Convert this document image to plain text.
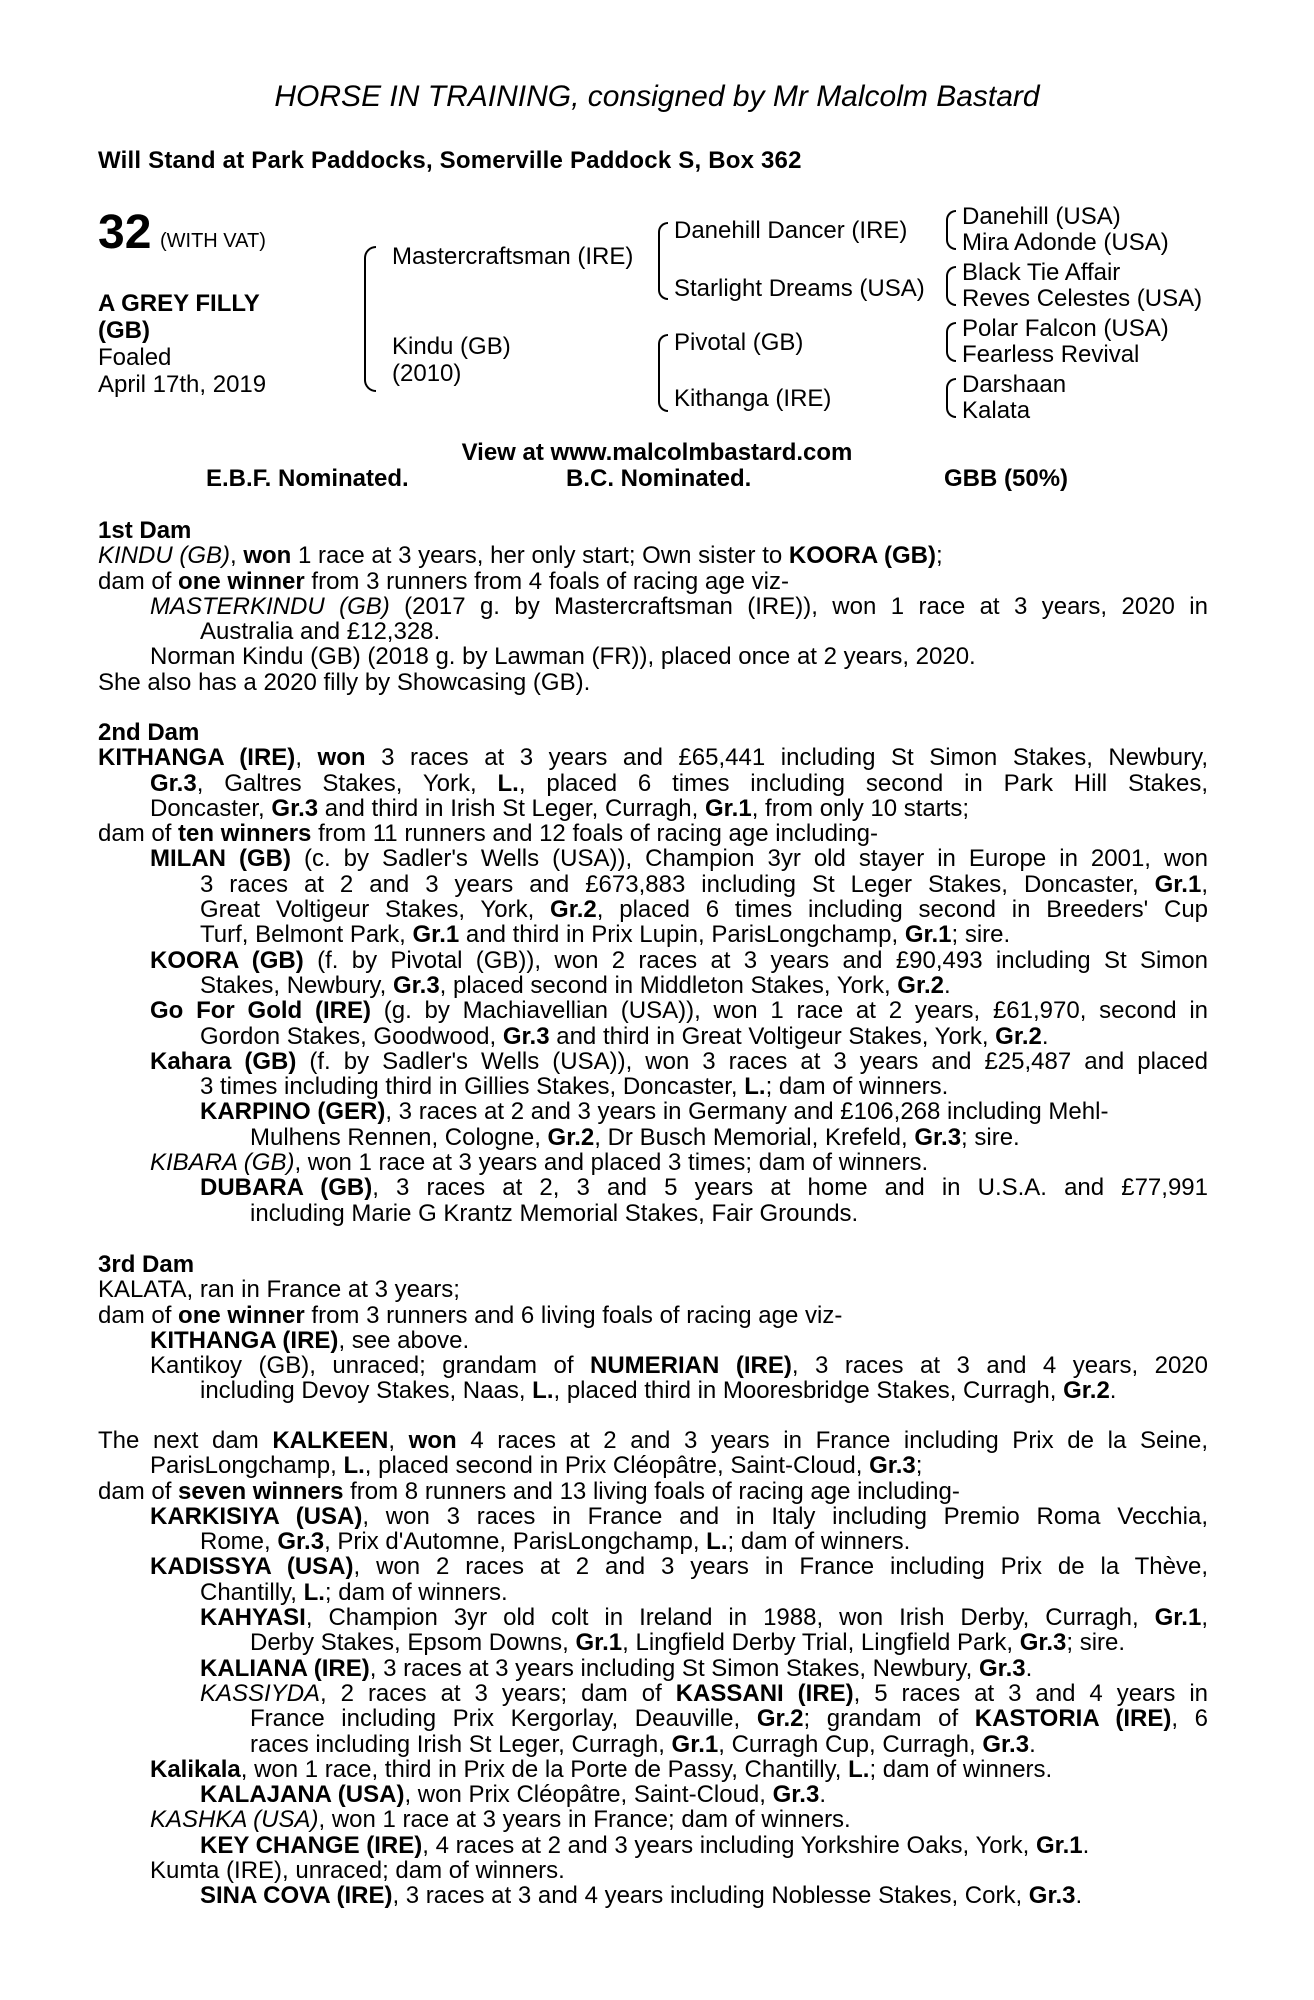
HORSE IN TRAINING, consigned by Mr Malcolm Bastard
Will Stand at Park Paddocks, Somerville Paddock S, Box 362
32 (WITH VAT)
A GREY FILLY
(GB)
Foaled
April 17th, 2019
Mastercraftsman (IRE)
Kindu (GB)
(2010)
Danehill Dancer (IRE)
Starlight Dreams (USA)
Pivotal (GB)
Kithanga (IRE)
Danehill (USA)
Mira Adonde (USA)
Black Tie Affair
Reves Celestes (USA)
Polar Falcon (USA)
Fearless Revival
Darshaan
Kalata
View at www.malcolmbastard.com
E.B.F. Nominated.	B.C. Nominated.	GBB (50%)
1st Dam
KINDU (GB), won 1 race at 3 years, her only start; Own sister to KOORA (GB);
dam of one winner from 3 runners from 4 foals of racing age viz-
MASTERKINDU (GB) (2017 g. by Mastercraftsman (IRE)), won 1 race at 3 years, 2020 in
Australia and £12,328.
Norman Kindu (GB) (2018 g. by Lawman (FR)), placed once at 2 years, 2020.
She also has a 2020 filly by Showcasing (GB).
2nd Dam
KITHANGA (IRE), won 3 races at 3 years and £65,441 including St Simon Stakes, Newbury,
Gr.3, Galtres Stakes, York, L., placed 6 times including second in Park Hill Stakes,
Doncaster, Gr.3 and third in Irish St Leger, Curragh, Gr.1, from only 10 starts;
dam of ten winners from 11 runners and 12 foals of racing age including-
MILAN (GB) (c. by Sadler's Wells (USA)), Champion 3yr old stayer in Europe in 2001, won
3 races at 2 and 3 years and £673,883 including St Leger Stakes, Doncaster, Gr.1,
Great Voltigeur Stakes, York, Gr.2, placed 6 times including second in Breeders' Cup
Turf, Belmont Park, Gr.1 and third in Prix Lupin, ParisLongchamp, Gr.1; sire.
KOORA (GB) (f. by Pivotal (GB)), won 2 races at 3 years and £90,493 including St Simon
Stakes, Newbury, Gr.3, placed second in Middleton Stakes, York, Gr.2.
Go For Gold (IRE) (g. by Machiavellian (USA)), won 1 race at 2 years, £61,970, second in
Gordon Stakes, Goodwood, Gr.3 and third in Great Voltigeur Stakes, York, Gr.2.
Kahara (GB) (f. by Sadler's Wells (USA)), won 3 races at 3 years and £25,487 and placed
3 times including third in Gillies Stakes, Doncaster, L.; dam of winners.
KARPINO (GER), 3 races at 2 and 3 years in Germany and £106,268 including Mehl-
Mulhens Rennen, Cologne, Gr.2, Dr Busch Memorial, Krefeld, Gr.3; sire.
KIBARA (GB), won 1 race at 3 years and placed 3 times; dam of winners.
DUBARA (GB), 3 races at 2, 3 and 5 years at home and in U.S.A. and £77,991
including Marie G Krantz Memorial Stakes, Fair Grounds.
3rd Dam
KALATA, ran in France at 3 years;
dam of one winner from 3 runners and 6 living foals of racing age viz-
KITHANGA (IRE), see above.
Kantikoy (GB), unraced; grandam of NUMERIAN (IRE), 3 races at 3 and 4 years, 2020
including Devoy Stakes, Naas, L., placed third in Mooresbridge Stakes, Curragh, Gr.2.
The next dam KALKEEN, won 4 races at 2 and 3 years in France including Prix de la Seine,
ParisLongchamp, L., placed second in Prix Cléopâtre, Saint-Cloud, Gr.3;
dam of seven winners from 8 runners and 13 living foals of racing age including-
KARKISIYA (USA), won 3 races in France and in Italy including Premio Roma Vecchia,
Rome, Gr.3, Prix d'Automne, ParisLongchamp, L.; dam of winners.
KADISSYA (USA), won 2 races at 2 and 3 years in France including Prix de la Thève,
Chantilly, L.; dam of winners.
KAHYASI, Champion 3yr old colt in Ireland in 1988, won Irish Derby, Curragh, Gr.1,
Derby Stakes, Epsom Downs, Gr.1, Lingfield Derby Trial, Lingfield Park, Gr.3; sire.
KALIANA (IRE), 3 races at 3 years including St Simon Stakes, Newbury, Gr.3.
KASSIYDA, 2 races at 3 years; dam of KASSANI (IRE), 5 races at 3 and 4 years in
France including Prix Kergorlay, Deauville, Gr.2; grandam of KASTORIA (IRE), 6
races including Irish St Leger, Curragh, Gr.1, Curragh Cup, Curragh, Gr.3.
Kalikala, won 1 race, third in Prix de la Porte de Passy, Chantilly, L.; dam of winners.
KALAJANA (USA), won Prix Cléopâtre, Saint-Cloud, Gr.3.
KASHKA (USA), won 1 race at 3 years in France; dam of winners.
KEY CHANGE (IRE), 4 races at 2 and 3 years including Yorkshire Oaks, York, Gr.1.
Kumta (IRE), unraced; dam of winners.
SINA COVA (IRE), 3 races at 3 and 4 years including Noblesse Stakes, Cork, Gr.3.
